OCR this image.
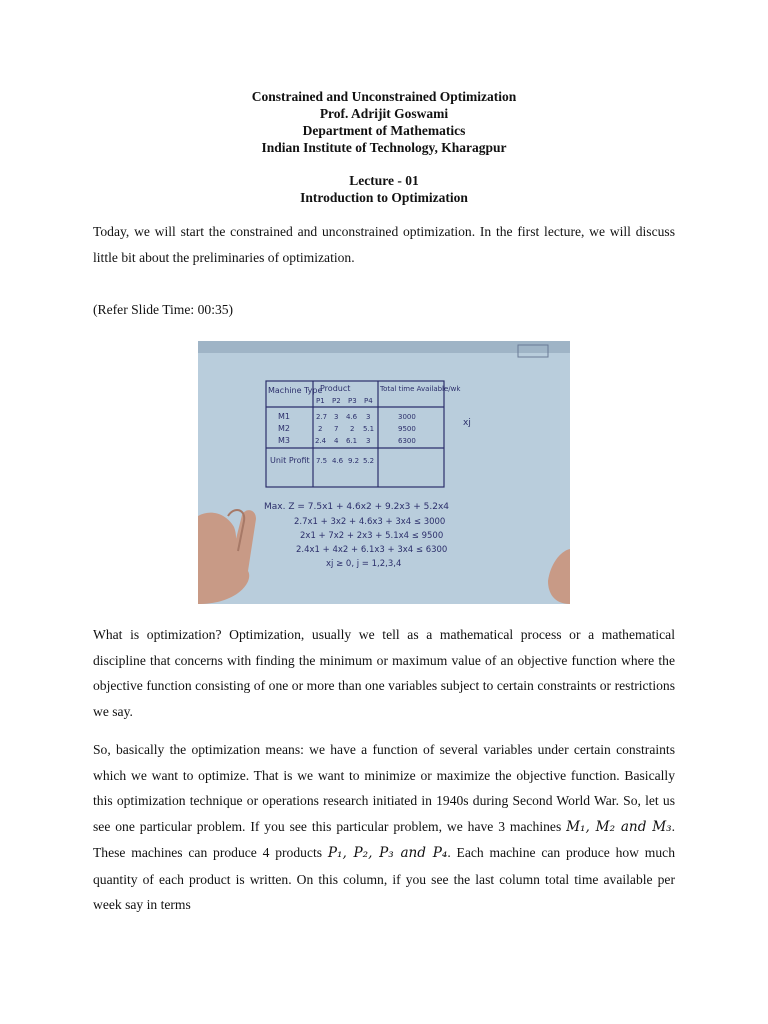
Constrained and Unconstrained Optimization
Prof. Adrijit Goswami
Department of Mathematics
Indian Institute of Technology, Kharagpur
Lecture - 01
Introduction to Optimization

Today, we will start the constrained and unconstrained optimization. In the first lecture, we will discuss little bit about the preliminaries of optimization.

(Refer Slide Time: 00:35)

Machine Type
Product	Total time Available/wk
P1 P2 P3 P4
M1	2.7 3 4.6 3	3000
M2	2 7 2 5.1	9500
M3	2.4 4 6.1 3	6300
Unit Profit 7.5 4.6 9.2 5.2
xj
Max. Z = 7.5x1 + 4.6x2 + 9.2x3 + 5.2x4
2.7x1 + 3x2 + 4.6x3 + 3x4 ≤ 3000
2x1 + 7x2 + 2x3 + 5.1x4 ≤ 9500
2.4x1 + 4x2 + 6.1x3 + 3x4 ≤ 6300
xj ≥ 0, j = 1,2,3,4

What is optimization? Optimization, usually we tell as a mathematical process or a mathematical discipline that concerns with finding the minimum or maximum value of an objective function where the objective function consisting of one or more than one variables subject to certain constraints or restrictions we say.

So, basically the optimization means: we have a function of several variables under certain constraints which we want to optimize. That is we want to minimize or maximize the objective function. Basically this optimization technique or operations research initiated in 1940s during Second World War. So, let us see one particular problem. If you see this particular problem, we have 3 machines M₁, M₂ and M₃. These machines can produce 4 products P₁, P₂, P₃ and P₄. Each machine can produce how much quantity of each product is written. On this column, if you see the last column total time available per week say in terms
